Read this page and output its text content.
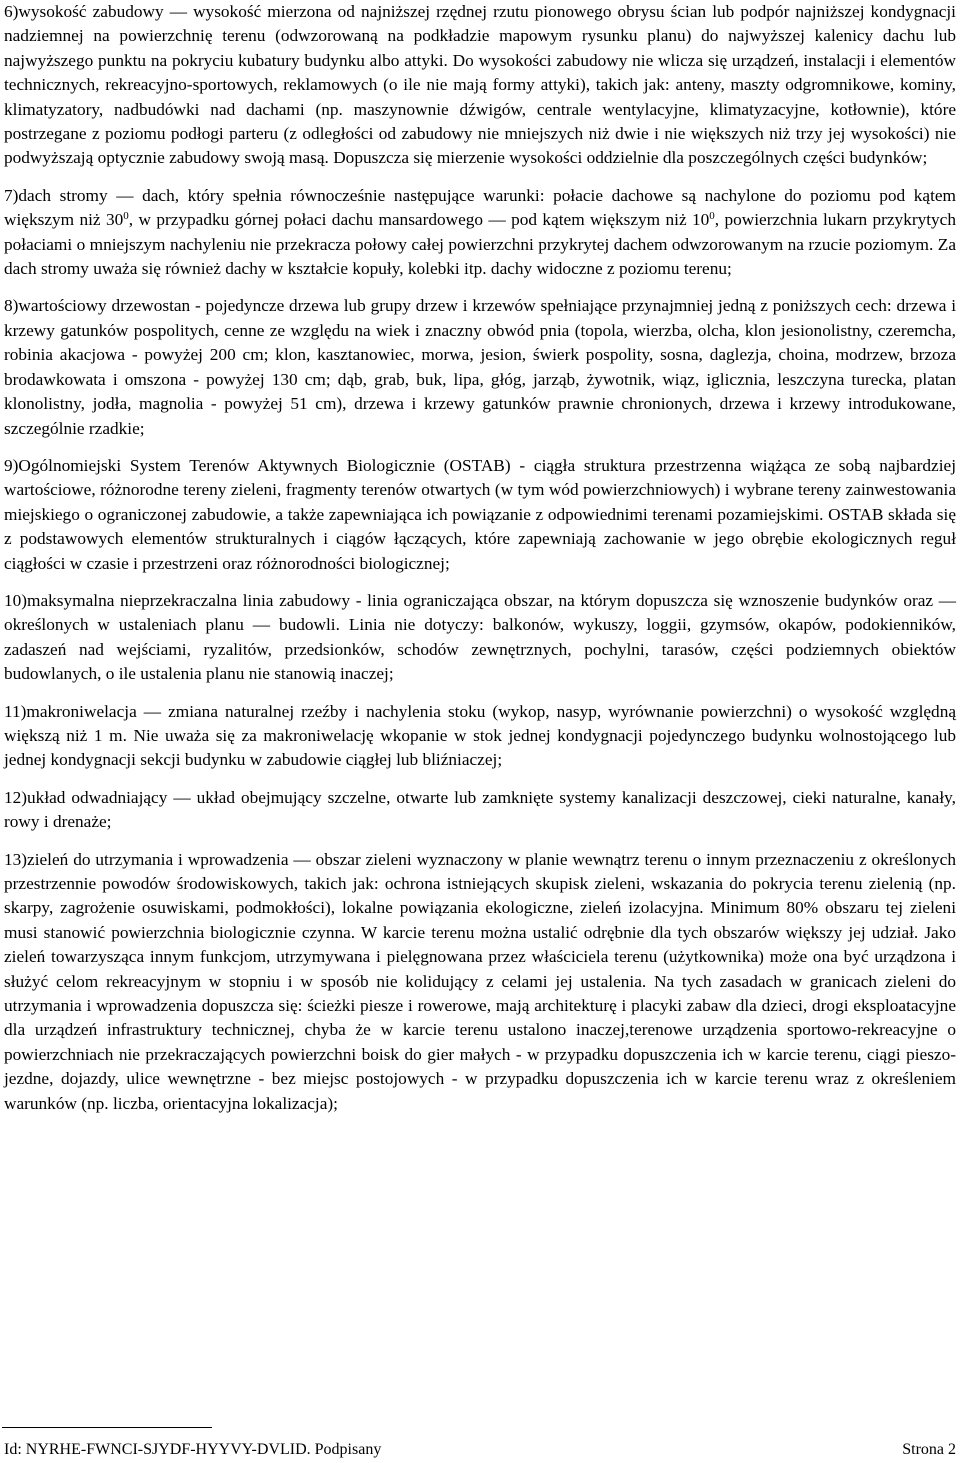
6)wysokość zabudowy — wysokość mierzona od najniższej rzędnej rzutu pionowego obrysu ścian lub podpór najniższej kondygnacji nadziemnej na powierzchnię terenu (odwzorowaną na podkładzie mapowym rysunku planu) do najwyższej kalenicy dachu lub najwyższego punktu na pokryciu kubatury budynku albo attyki. Do wysokości zabudowy nie wlicza się urządzeń, instalacji i elementów technicznych, rekreacyjno-sportowych, reklamowych (o ile nie mają formy attyki), takich jak: anteny, maszty odgromnikowe, kominy, klimatyzatory, nadbudówki nad dachami (np. maszynownie dźwigów, centrale wentylacyjne, klimatyzacyjne, kotłownie), które postrzegane z poziomu podłogi parteru (z odległości od zabudowy nie mniejszych niż dwie i nie większych niż trzy jej wysokości) nie podwyższają optycznie zabudowy swoją masą. Dopuszcza się mierzenie wysokości oddzielnie dla poszczególnych części budynków;

7)dach stromy — dach, który spełnia równocześnie następujące warunki: połacie dachowe są nachylone do poziomu pod kątem większym niż $30^0$, w przypadku górnej połaci dachu mansardowego — pod kątem większym niż $10^0$, powierzchnia lukarn przykrytych połaciami o mniejszym nachyleniu nie przekracza połowy całej powierzchni przykrytej dachem odwzorowanym na rzucie poziomym. Za dach stromy uważa się również dachy w kształcie kopuły, kolebki itp. dachy widoczne z poziomu terenu;

8)wartościowy drzewostan - pojedyncze drzewa lub grupy drzew i krzewów spełniające przynajmniej jedną z poniższych cech: drzewa i krzewy gatunków pospolitych, cenne ze względu na wiek i znaczny obwód pnia (topola, wierzba, olcha, klon jesionolistny, czeremcha, robinia akacjowa - powyżej 200 cm; klon, kasztanowiec, morwa, jesion, świerk pospolity, sosna, daglezja, choina, modrzew, brzoza brodawkowata i omszona - powyżej 130 cm; dąb, grab, buk, lipa, głóg, jarząb, żywotnik, wiąz, iglicznia, leszczyna turecka, platan klonolistny, jodła, magnolia - powyżej 51 cm), drzewa i krzewy gatunków prawnie chronionych, drzewa i krzewy introdukowane, szczególnie rzadkie;

9)Ogólnomiejski System Terenów Aktywnych Biologicznie (OSTAB) - ciągła struktura przestrzenna wiążąca ze sobą najbardziej wartościowe, różnorodne tereny zieleni, fragmenty terenów otwartych (w tym wód powierzchniowych) i wybrane tereny zainwestowania miejskiego o ograniczonej zabudowie, a także zapewniająca ich powiązanie z odpowiednimi terenami pozamiejskimi. OSTAB składa się z podstawowych elementów strukturalnych i ciągów łączących, które zapewniają zachowanie w jego obrębie ekologicznych reguł ciągłości w czasie i przestrzeni oraz różnorodności biologicznej;

10)maksymalna nieprzekraczalna linia zabudowy - linia ograniczająca obszar, na którym dopuszcza się wznoszenie budynków oraz — określonych w ustaleniach planu — budowli. Linia nie dotyczy: balkonów, wykuszy, loggii, gzymsów, okapów, podokienników, zadaszeń nad wejściami, ryzalitów, przedsionków, schodów zewnętrznych, pochylni, tarasów, części podziemnych obiektów budowlanych, o ile ustalenia planu nie stanowią inaczej;

11)makroniwelacja — zmiana naturalnej rzeźby i nachylenia stoku (wykop, nasyp, wyrównanie powierzchni) o wysokość względną większą niż 1 m. Nie uważa się za makroniwelację wkopanie w stok jednej kondygnacji pojedynczego budynku wolnostojącego lub jednej kondygnacji sekcji budynku w zabudowie ciągłej lub bliźniaczej;

12)układ odwadniający — układ obejmujący szczelne, otwarte lub zamknięte systemy kanalizacji deszczowej, cieki naturalne, kanały, rowy i drenaże;

13)zieleń do utrzymania i wprowadzenia — obszar zieleni wyznaczony w planie wewnątrz terenu o innym przeznaczeniu z określonych przestrzennie powodów środowiskowych, takich jak: ochrona istniejących skupisk zieleni, wskazania do pokrycia terenu zielenią (np. skarpy, zagrożenie osuwiskami, podmokłości), lokalne powiązania ekologiczne, zieleń izolacyjna. Minimum 80% obszaru tej zieleni musi stanowić powierzchnia biologicznie czynna. W karcie terenu można ustalić odrębnie dla tych obszarów większy jej udział. Jako zieleń towarzysząca innym funkcjom, utrzymywana i pielęgnowana przez właściciela terenu (użytkownika) może ona być urządzona i służyć celom rekreacyjnym w stopniu i w sposób nie kolidujący z celami jej ustalenia. Na tych zasadach w granicach zieleni do utrzymania i wprowadzenia dopuszcza się: ścieżki piesze i rowerowe, mają architekturę i placyki zabaw dla dzieci, drogi eksploatacyjne dla urządzeń infrastruktury technicznej, chyba że w karcie terenu ustalono inaczej,terenowe urządzenia sportowo-rekreacyjne o powierzchniach nie przekraczających powierzchni boisk do gier małych - w przypadku dopuszczenia ich w karcie terenu, ciągi pieszo-jezdne, dojazdy, ulice wewnętrzne - bez miejsc postojowych - w przypadku dopuszczenia ich w karcie terenu wraz z określeniem warunków (np. liczba, orientacyjna lokalizacja);

Id: NYRHE-FWNCI-SJYDF-HYYVY-DVLID. Podpisany	Strona 2
